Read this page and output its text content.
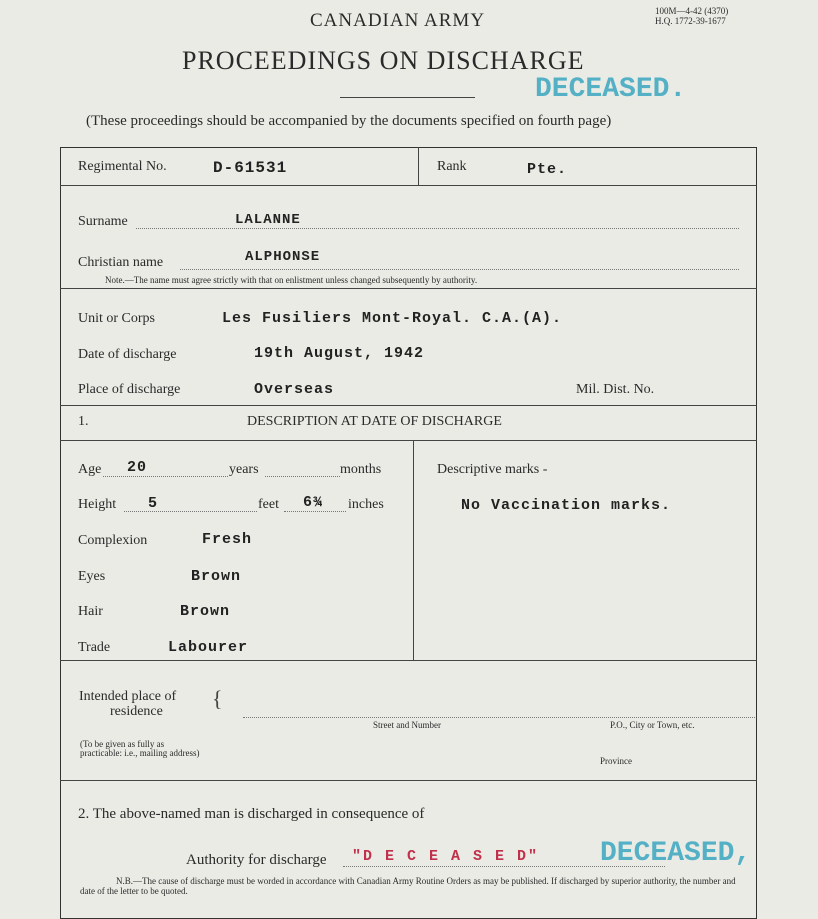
100M—4-42 (4370)
H.Q. 1772-39-1677
CANADIAN ARMY
PROCEEDINGS ON DISCHARGE
DECEASED.
(These proceedings should be accompanied by the documents specified on fourth page)
Regimental No.	D-61531	Rank	Pte.
Surname	LALANNE
Christian name	ALPHONSE
Note.—The name must agree strictly with that on enlistment unless changed subsequently by authority.
Unit or Corps	Les Fusiliers Mont-Royal. C.A.(A).
Date of discharge	19th August, 1942
Place of discharge	Overseas	Mil. Dist. No.
1.	DESCRIPTION AT DATE OF DISCHARGE
Age 20	years	months
Height 5	feet 6¾ inches
Complexion	Fresh
Eyes	Brown
Hair	Brown
Trade	Labourer
Descriptive marks -
No Vaccination marks.
Intended place of
residence
{
Street and Number	P.O., City or Town, etc.
(To be given as fully as practicable: i.e., mailing address)
Province
2. The above-named man is discharged in consequence of
Authority for discharge "D E C E A S E D" DECEASED,
N.B.—The cause of discharge must be worded in accordance with Canadian Army Routine Orders as may be published. If discharged by superior authority, the number and date of the letter to be quoted.
